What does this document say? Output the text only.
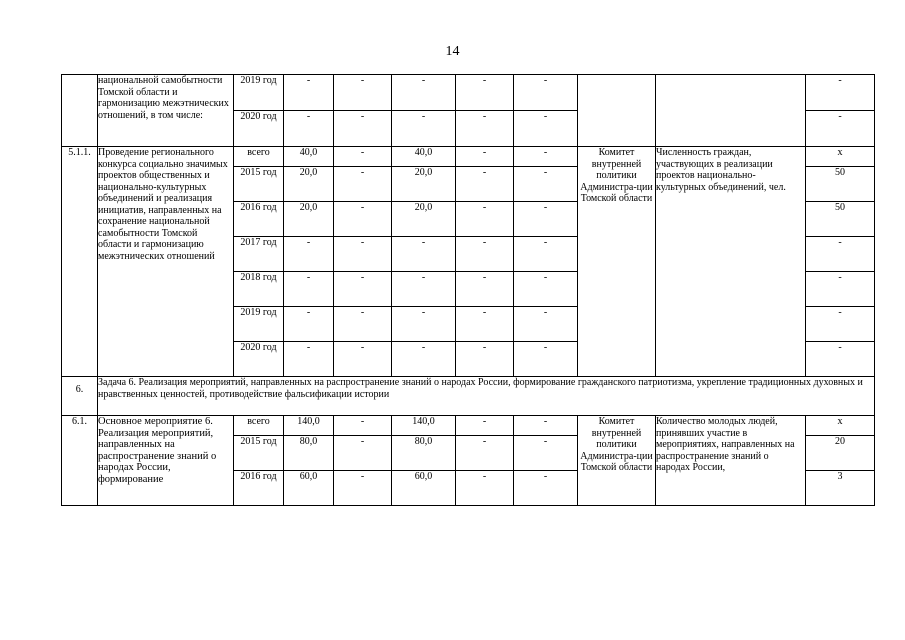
14
	национальной самобытности Томской области и гармонизацию межэтнических отношений, в том числе:	2019 год	-	-	-	-	-			-
		2020 год	-	-	-	-	-			-
5.1.1.	Проведение регионального конкурса социально значимых проектов общественных и национально-культурных объединений и реализация инициатив, направленных на сохранение национальной самобытности Томской области и гармонизацию межэтнических отношений	всего	40,0	-	40,0	-	-	Комитет внутренней политики Администра-ции Томской области	Численность граждан, участвующих в реализации проектов национально-культурных объединений, чел.	x
		2015 год	20,0	-	20,0	-	-			50
		2016 год	20,0	-	20,0	-	-			50
		2017 год	-	-	-	-	-			-
		2018 год	-	-	-	-	-			-
		2019 год	-	-	-	-	-			-
		2020 год	-	-	-	-	-			-
6.	Задача 6. Реализация мероприятий, направленных на распространение знаний о народах России, формирование гражданского патриотизма, укрепление традиционных духовных и нравственных ценностей, противодействие фальсификации истории									
6.1.	Основное мероприятие 6. Реализация мероприятий, направленных на распространение знаний о народах России, формирование	всего	140,0	-	140,0	-	-	Комитет внутренней политики Администра-ции Томской области	Количество молодых людей, принявших участие в мероприятиях, направленных на распространение знаний о народах России,	x
		2015 год	80,0	-	80,0	-	-			20
		2016 год	60,0	-	60,0	-	-			3
